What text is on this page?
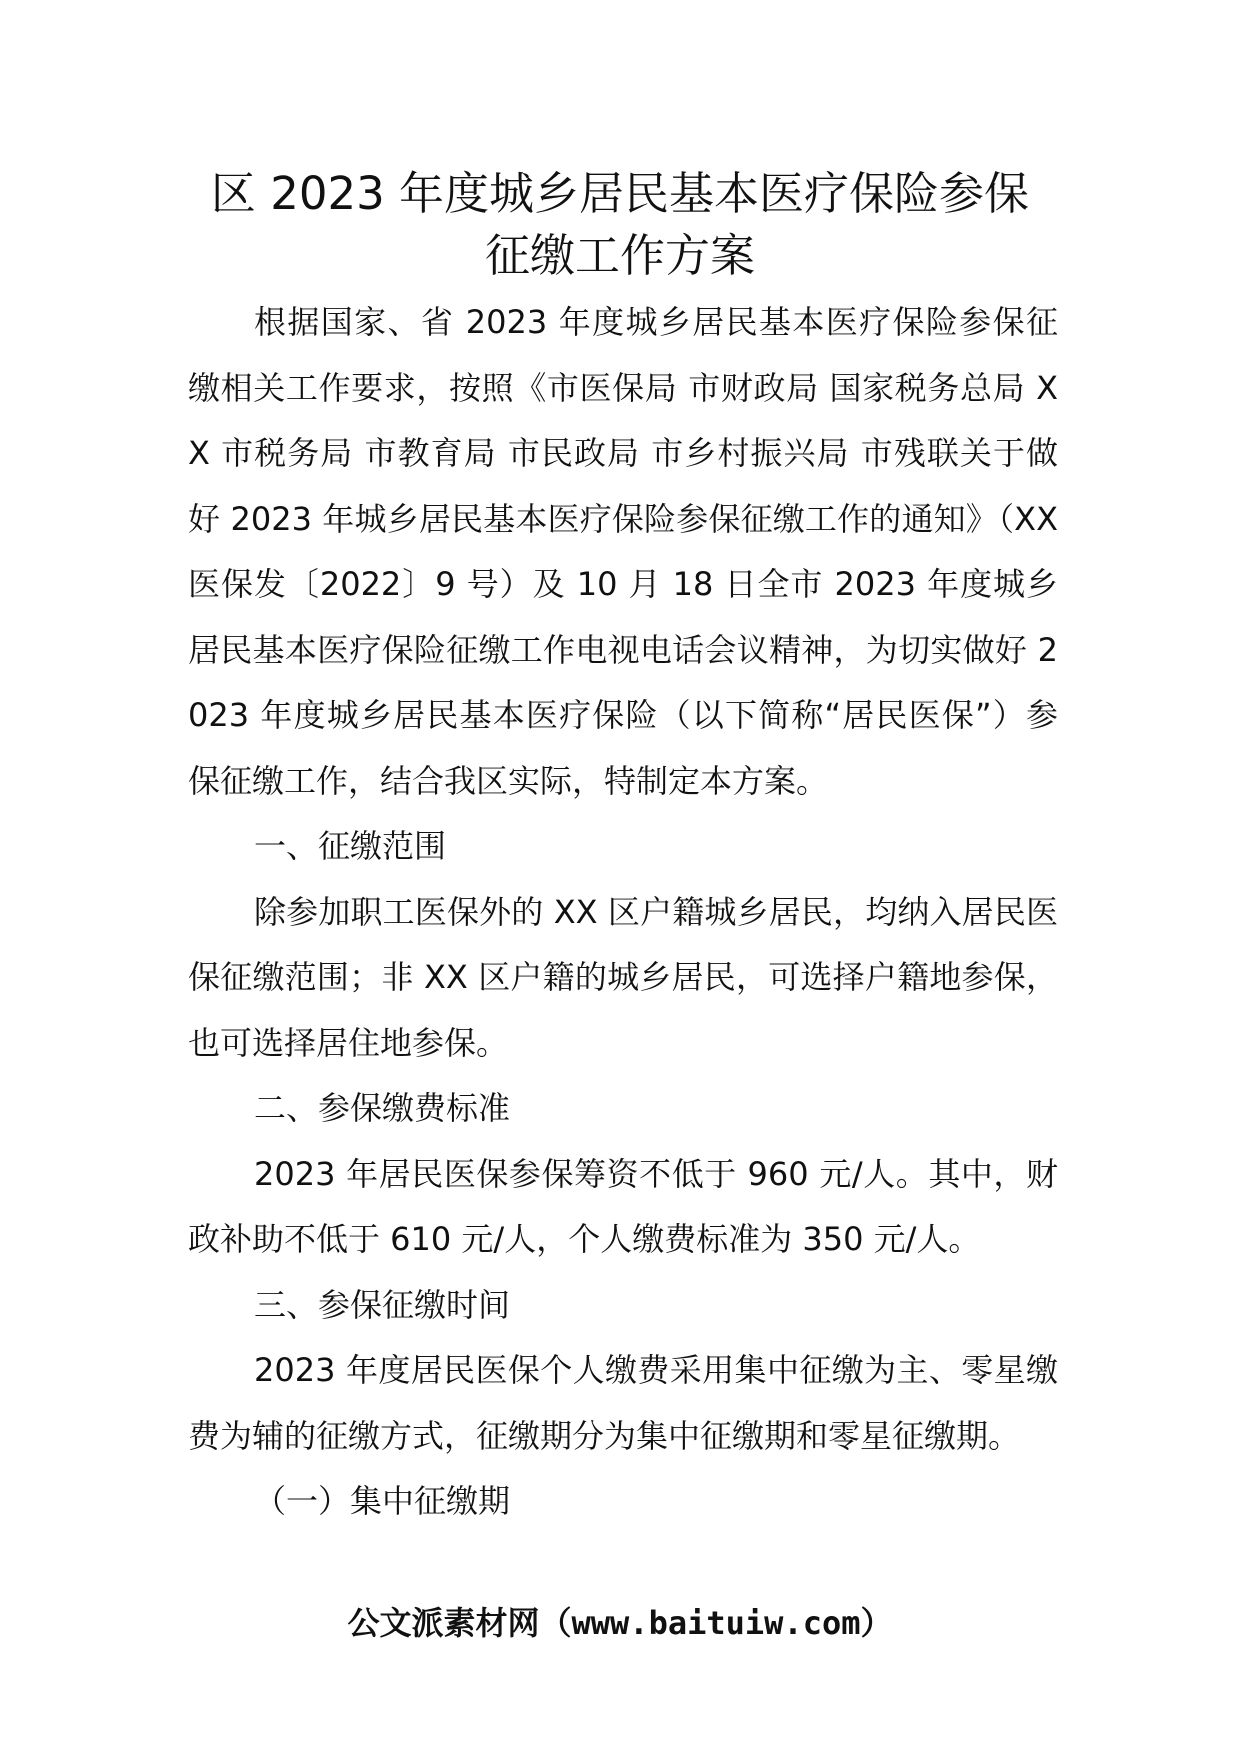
区 2023 年度城乡居民基本医疗保险参保
征缴工作方案

根据国家、省 2023 年度城乡居民基本医疗保险参保征缴相关工作要求，按照《市医保局 市财政局 国家税务总局 XX 市税务局 市教育局 市民政局 市乡村振兴局 市残联关于做好 2023 年城乡居民基本医疗保险参保征缴工作的通知》（XX 医保发〔2022〕9 号）及 10 月 18 日全市 2023 年度城乡居民基本医疗保险征缴工作电视电话会议精神，为切实做好 2023 年度城乡居民基本医疗保险（以下简称“居民医保”）参保征缴工作，结合我区实际，特制定本方案。

一、征缴范围

除参加职工医保外的 XX 区户籍城乡居民，均纳入居民医保征缴范围；非 XX 区户籍的城乡居民，可选择户籍地参保，也可选择居住地参保。

二、参保缴费标准

2023 年居民医保参保筹资不低于 960 元/人。其中，财政补助不低于 610 元/人，个人缴费标准为 350 元/人。

三、参保征缴时间

2023 年度居民医保个人缴费采用集中征缴为主、零星缴费为辅的征缴方式，征缴期分为集中征缴期和零星征缴期。

（一）集中征缴期

公文派素材网（www.baituiw.com）
